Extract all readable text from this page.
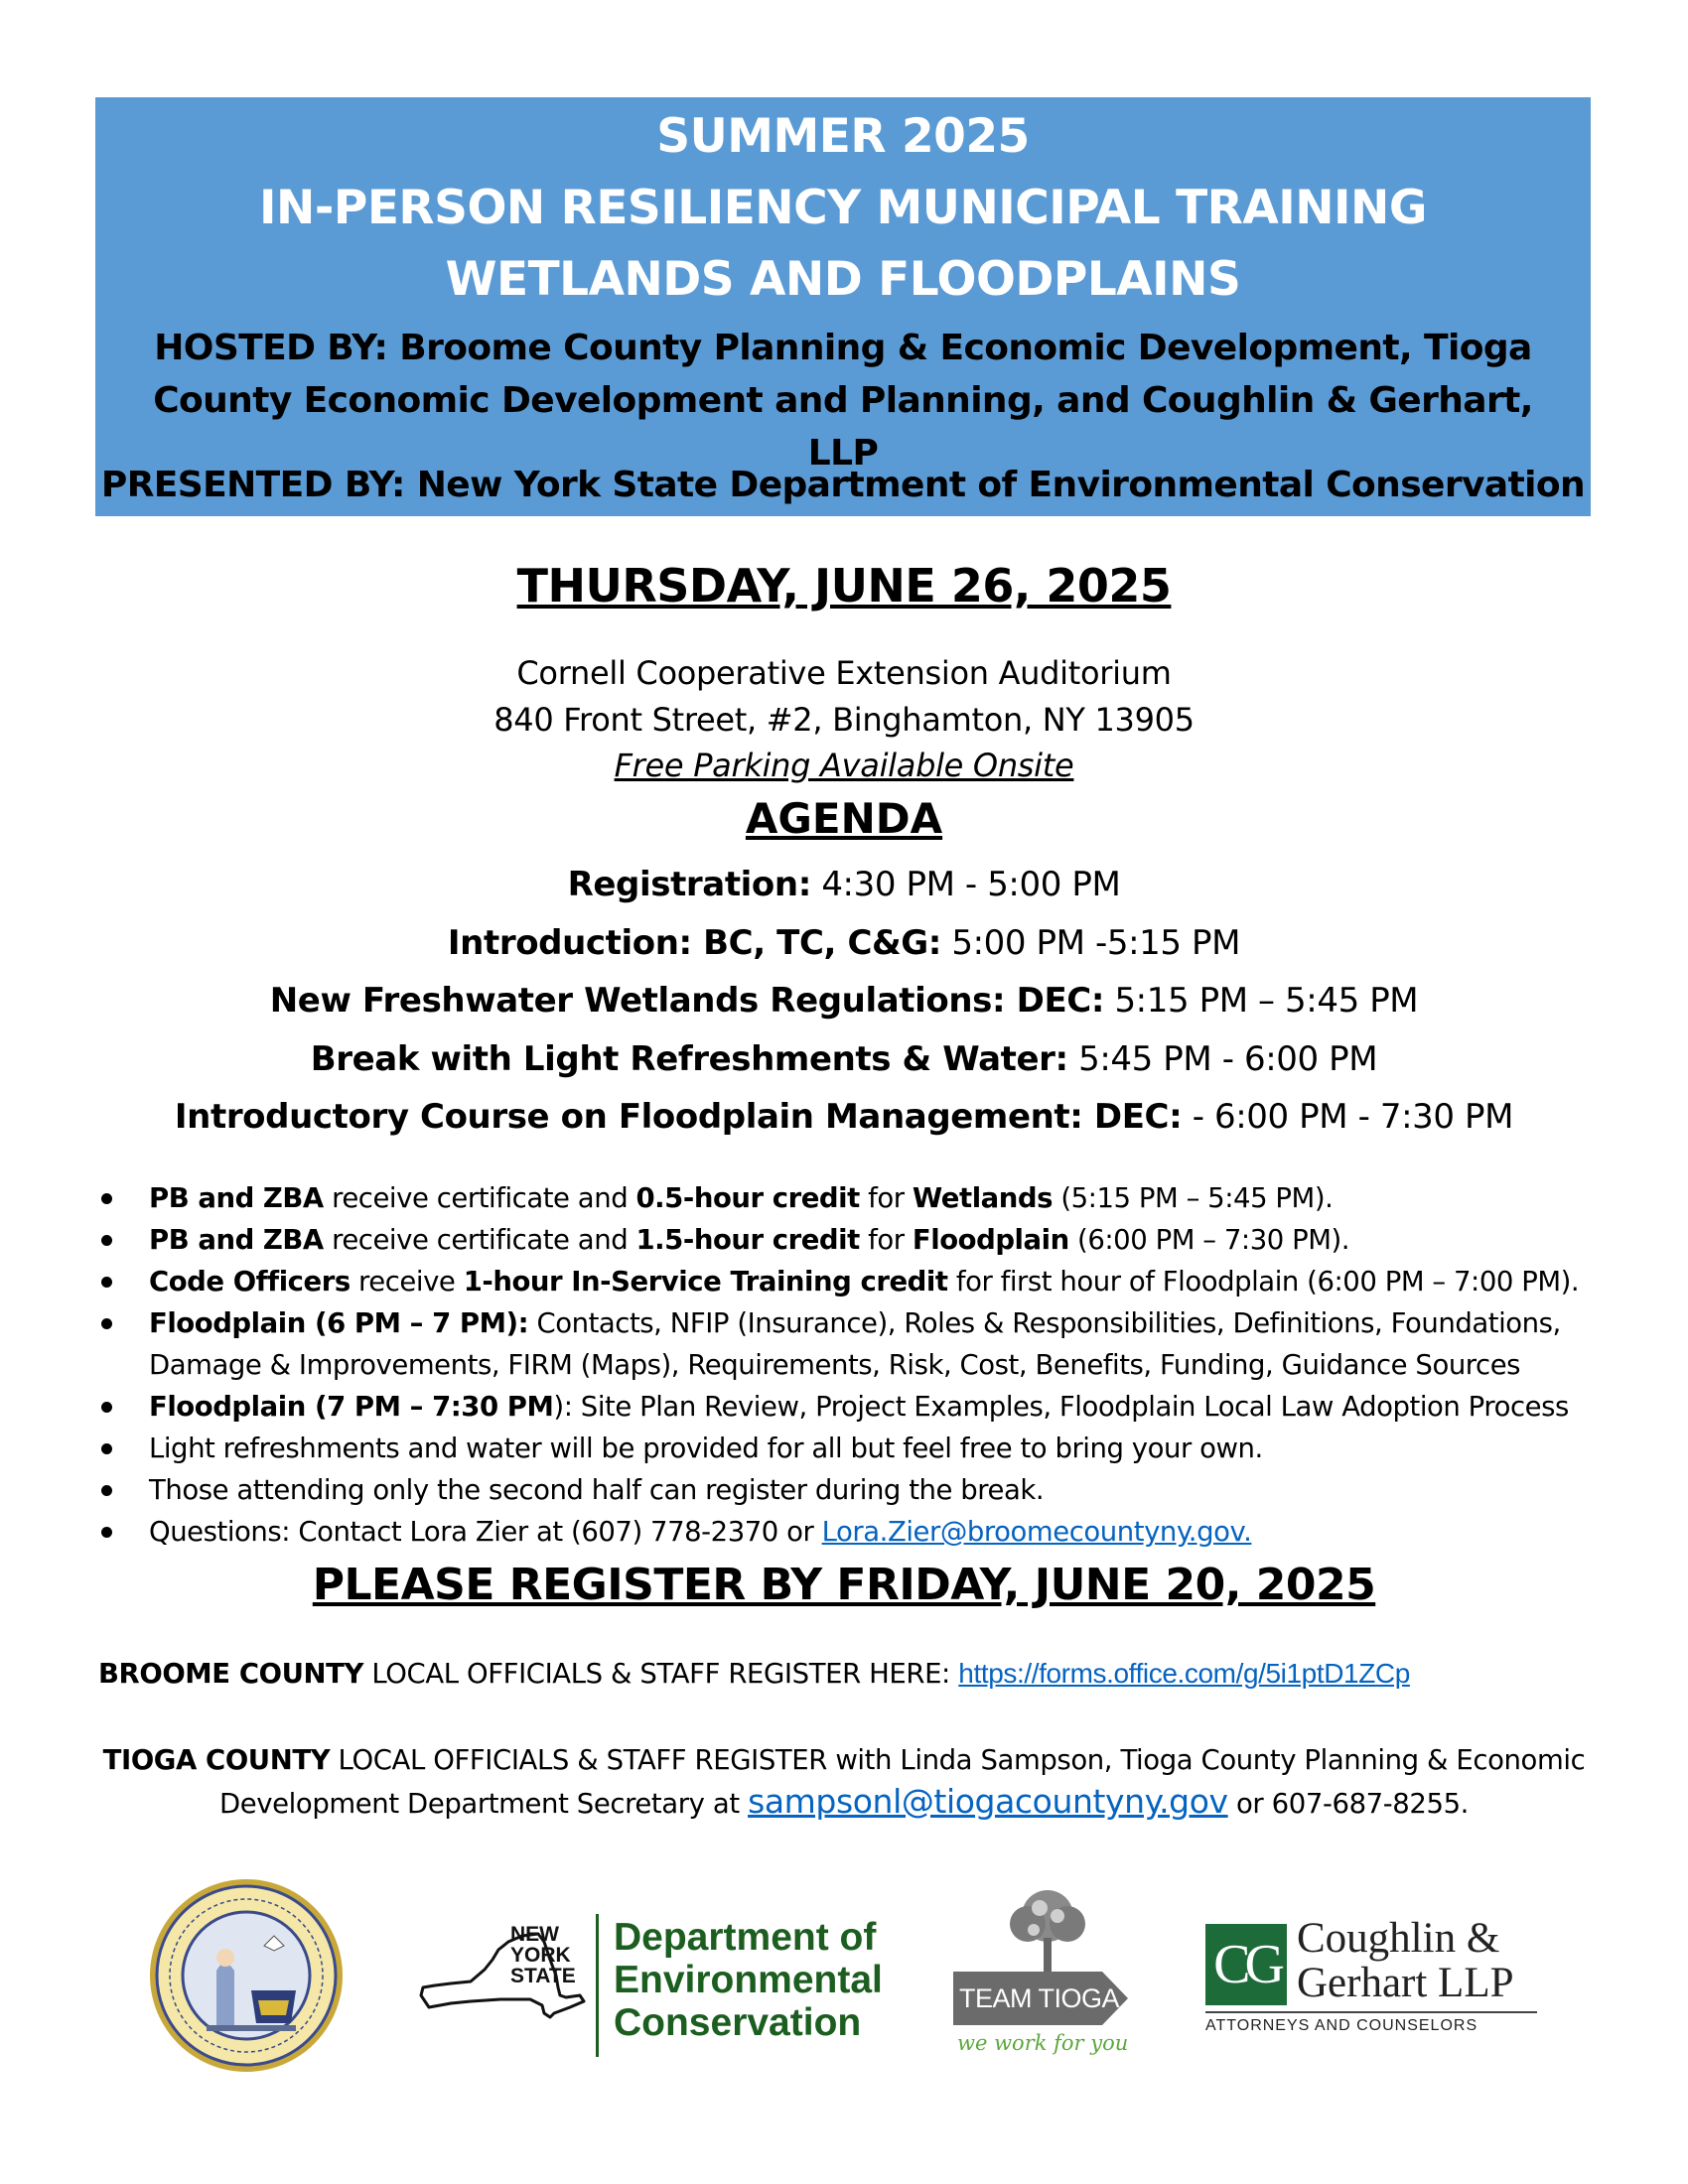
SUMMER 2025
IN-PERSON RESILIENCY MUNICIPAL TRAINING
WETLANDS AND FLOODPLAINS
HOSTED BY: Broome County Planning & Economic Development, Tioga County Economic Development and Planning, and Coughlin & Gerhart, LLP
PRESENTED BY: New York State Department of Environmental Conservation
THURSDAY, JUNE 26, 2025
Cornell Cooperative Extension Auditorium
840 Front Street, #2, Binghamton, NY 13905
Free Parking Available Onsite
AGENDA
Registration: 4:30 PM - 5:00 PM
Introduction: BC, TC, C&G: 5:00 PM -5:15 PM
New Freshwater Wetlands Regulations: DEC: 5:15 PM – 5:45 PM
Break with Light Refreshments & Water: 5:45 PM - 6:00 PM
Introductory Course on Floodplain Management: DEC: - 6:00 PM - 7:30 PM
PB and ZBA receive certificate and 0.5-hour credit for Wetlands (5:15 PM – 5:45 PM).
PB and ZBA receive certificate and 1.5-hour credit for Floodplain (6:00 PM – 7:30 PM).
Code Officers receive 1-hour In-Service Training credit for first hour of Floodplain (6:00 PM – 7:00 PM).
Floodplain (6 PM – 7 PM): Contacts, NFIP (Insurance), Roles & Responsibilities, Definitions, Foundations, Damage & Improvements, FIRM (Maps), Requirements, Risk, Cost, Benefits, Funding, Guidance Sources
Floodplain (7 PM – 7:30 PM): Site Plan Review, Project Examples, Floodplain Local Law Adoption Process
Light refreshments and water will be provided for all but feel free to bring your own.
Those attending only the second half can register during the break.
Questions: Contact Lora Zier at (607) 778-2370 or Lora.Zier@broomecountyny.gov.
PLEASE REGISTER BY FRIDAY, JUNE 20, 2025
BROOME COUNTY LOCAL OFFICIALS & STAFF REGISTER HERE: https://forms.office.com/g/5i1ptD1ZCp
TIOGA COUNTY LOCAL OFFICIALS & STAFF REGISTER with Linda Sampson, Tioga County Planning & Economic
Development Department Secretary at sampsonl@tiogacountyny.gov or 607-687-8255.
NEW
YORK
STATE
Department of
Environmental
Conservation
TEAM TIOGA
we work for you
CG Coughlin &
Gerhart LLP
ATTORNEYS AND COUNSELORS
